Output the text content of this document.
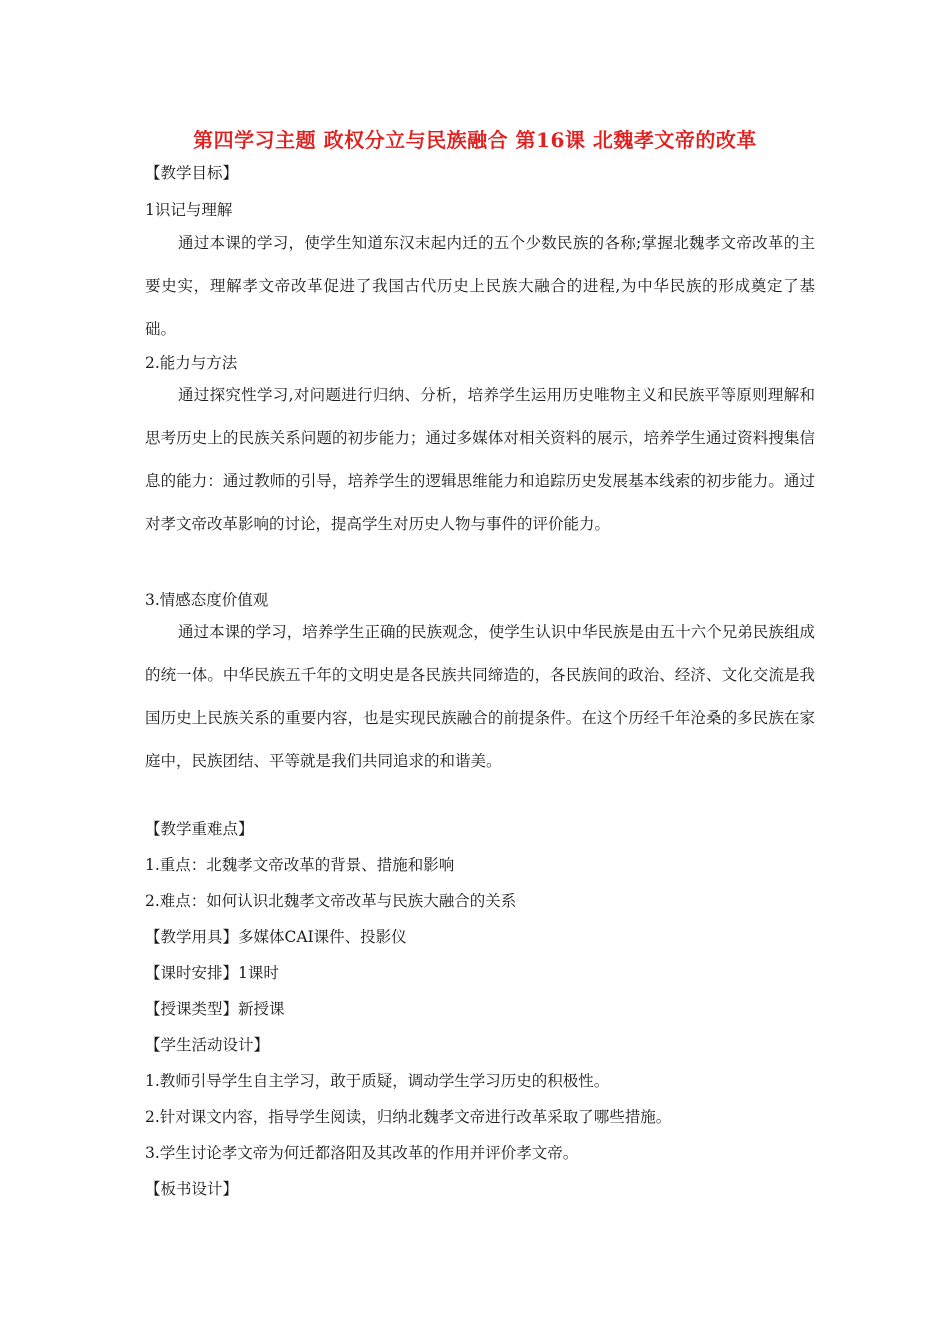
第四学习主题 政权分立与民族融合 第16课 北魏孝文帝的改革
【教学目标】
1识记与理解

通过本课的学习，使学生知道东汉末起内迁的五个少数民族的各称;掌握北魏孝文帝改革的主要史实，理解孝文帝改革促进了我国古代历史上民族大融合的进程,为中华民族的形成奠定了基础。

2.能力与方法

通过探究性学习,对问题进行归纳、分析，培养学生运用历史唯物主义和民族平等原则理解和思考历史上的民族关系问题的初步能力；通过多媒体对相关资料的展示，培养学生通过资料搜集信息的能力：通过教师的引导，培养学生的逻辑思维能力和追踪历史发展基本线索的初步能力。通过对孝文帝改革影响的讨论，提高学生对历史人物与事件的评价能力。

3.情感态度价值观

通过本课的学习，培养学生正确的民族观念，使学生认识中华民族是由五十六个兄弟民族组成的统一体。中华民族五千年的文明史是各民族共同缔造的，各民族间的政治、经济、文化交流是我国历史上民族关系的重要内容，也是实现民族融合的前提条件。在这个历经千年沧桑的多民族在家庭中，民族团结、平等就是我们共同追求的和谐美。

【教学重难点】
1.重点：北魏孝文帝改革的背景、措施和影响
2.难点：如何认识北魏孝文帝改革与民族大融合的关系
【教学用具】多媒体CAI课件、投影仪
【课时安排】1课时
【授课类型】新授课
【学生活动设计】
1.教师引导学生自主学习，敢于质疑，调动学生学习历史的积极性。
2.针对课文内容，指导学生阅读，归纳北魏孝文帝进行改革采取了哪些措施。
3.学生讨论孝文帝为何迁都洛阳及其改革的作用并评价孝文帝。
【板书设计】
